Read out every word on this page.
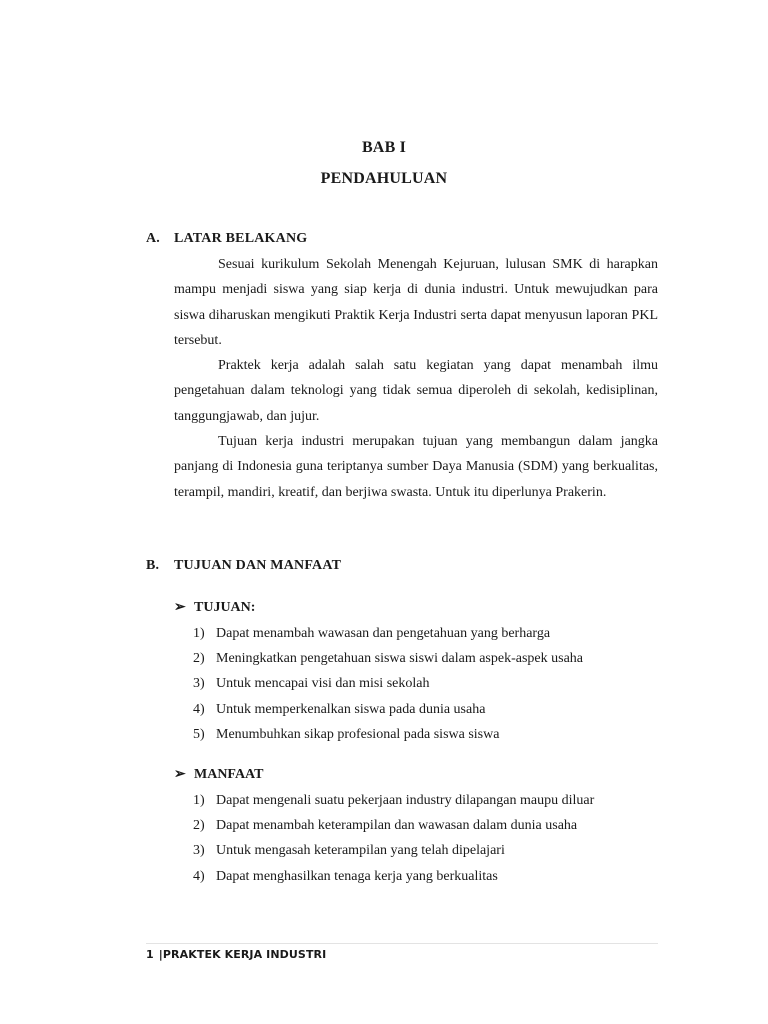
BAB I
PENDAHULUAN
A. LATAR BELAKANG

Sesuai kurikulum Sekolah Menengah Kejuruan, lulusan SMK di harapkan mampu menjadi siswa yang siap kerja di dunia industri. Untuk mewujudkan para siswa diharuskan mengikuti Praktik Kerja Industri serta dapat menyusun laporan PKL tersebut.

Praktek kerja adalah salah satu kegiatan yang dapat menambah ilmu pengetahuan dalam teknologi yang tidak semua diperoleh di sekolah, kedisiplinan, tanggungjawab, dan jujur.

Tujuan kerja industri merupakan tujuan yang membangun dalam jangka panjang di Indonesia guna teriptanya sumber Daya Manusia (SDM) yang berkualitas, terampil, mandiri, kreatif, dan berjiwa swasta. Untuk itu diperlunya Prakerin.

B. TUJUAN DAN MANFAAT
➢ TUJUAN:
1) Dapat menambah wawasan dan pengetahuan yang berharga
2) Meningkatkan pengetahuan siswa siswi dalam aspek-aspek usaha
3) Untuk mencapai visi dan misi sekolah
4) Untuk memperkenalkan siswa pada dunia usaha
5) Menumbuhkan sikap profesional pada siswa siswa
➢ MANFAAT
1) Dapat mengenali suatu pekerjaan industry dilapangan maupu diluar
2) Dapat menambah keterampilan dan wawasan dalam dunia usaha
3) Untuk mengasah keterampilan yang telah dipelajari
4) Dapat menghasilkan tenaga kerja yang berkualitas
1 |PRAKTEK KERJA INDUSTRI
